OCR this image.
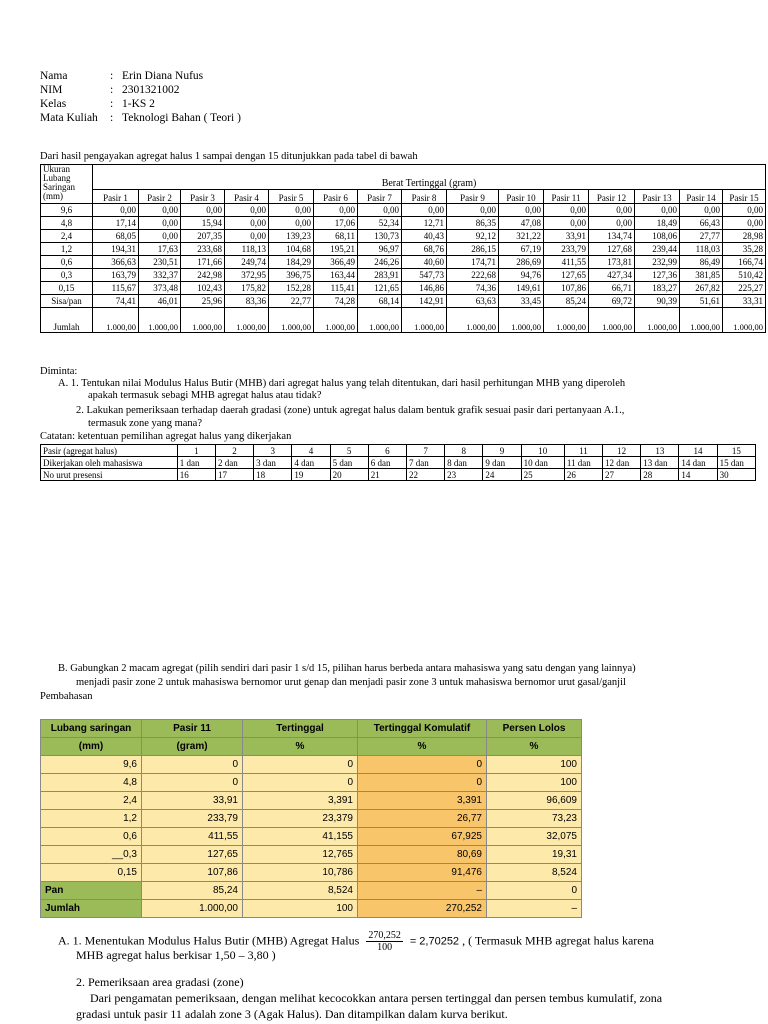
Nama	:	Erin Diana Nufus
NIM	:	2301321002
Kelas	:	1-KS 2
Mata Kuliah	:	Teknologi Bahan ( Teori )
Dari hasil pengayakan agregat halus 1 sampai dengan 15 ditunjukkan pada tabel di bawah
Ukuran Lubang Saringan (mm)	Berat Tertinggal (gram)														
	Pasir 1	Pasir 2	Pasir 3	Pasir 4	Pasir 5	Pasir 6	Pasir 7	Pasir 8	Pasir 9	Pasir 10	Pasir 11	Pasir 12	Pasir 13	Pasir 14	Pasir 15
9,6	0,00	0,00	0,00	0,00	0,00	0,00	0,00	0,00	0,00	0,00	0,00	0,00	0,00	0,00	0,00
4,8	17,14	0,00	15,94	0,00	0,00	17,06	52,34	12,71	86,35	47,08	0,00	0,00	18,49	66,43	0,00
2,4	68,05	0,00	207,35	0,00	139,23	68,11	130,73	40,43	92,12	321,22	33,91	134,74	108,06	27,77	28,98
1,2	194,31	17,63	233,68	118,13	104,68	195,21	96,97	68,76	286,15	67,19	233,79	127,68	239,44	118,03	35,28
0,6	366,63	230,51	171,66	249,74	184,29	366,49	246,26	40,60	174,71	286,69	411,55	173,81	232,99	86,49	166,74
0,3	163,79	332,37	242,98	372,95	396,75	163,44	283,91	547,73	222,68	94,76	127,65	427,34	127,36	381,85	510,42
0,15	115,67	373,48	102,43	175,82	152,28	115,41	121,65	146,86	74,36	149,61	107,86	66,71	183,27	267,82	225,27
Sisa/pan	74,41	46,01	25,96	83,36	22,77	74,28	68,14	142,91	63,63	33,45	85,24	69,72	90,39	51,61	33,31
Jumlah	1.000,00	1.000,00	1.000,00	1.000,00	1.000,00	1.000,00	1.000,00	1.000,00	1.000,00	1.000,00	1.000,00	1.000,00	1.000,00	1.000,00	1.000,00
Diminta:
A. 1. Tentukan nilai Modulus Halus Butir (MHB) dari agregat halus yang telah ditentukan, dari hasil perhitungan MHB yang diperoleh
apakah termasuk sebagi MHB agregat halus atau tidak?
2. Lakukan pemeriksaan terhadap daerah gradasi (zone) untuk agregat halus dalam bentuk grafik sesuai pasir dari pertanyaan A.1.,
termasuk zone yang mana?
Catatan: ketentuan pemilihan agregat halus yang dikerjakan
Pasir (agregat halus)	1	2	3	4	5	6	7	8	9	10	11	12	13	14	15
Dikerjakan oleh mahasiswa	1 dan	2 dan	3 dan	4 dan	5 dan	6 dan	7 dan	8 dan	9 dan	10 dan	11 dan	12 dan	13 dan	14 dan	15 dan
No urut presensi	16	17	18	19	20	21	22	23	24	25	26	27	28	14	30
B. Gabungkan 2 macam agregat (pilih sendiri dari pasir 1 s/d 15, pilihan harus berbeda antara mahasiswa yang satu dengan yang lainnya)
menjadi pasir zone 2 untuk mahasiswa bernomor urut genap dan menjadi pasir zone 3 untuk mahasiswa bernomor urut gasal/ganjil
Pembahasan
Lubang saringan	Pasir 11	Tertinggal	Tertinggal Komulatif	Persen Lolos
(mm)	(gram)	%	%	%
9,6	0	0	0	100
4,8	0	0	0	100
2,4	33,91	3,391	3,391	96,609
1,2	233,79	23,379	26,77	73,23
0,6	411,55	41,155	67,925	32,075
__0,3	127,65	12,765	80,69	19,31
0,15	107,86	10,786	91,476	8,524
Pan	85,24	8,524	–	0
Jumlah	1.000,00	100	270,252	–
A. 1. Menentukan Modulus Halus Butir (MHB) Agregat Halus $\frac{270,252}{100} = 2,70252$ , ( Termasuk MHB agregat halus karena
MHB agregat halus berkisar 1,50 – 3,80 )
2. Pemeriksaan area gradasi (zone)
Dari pengamatan pemeriksaan, dengan melihat kecocokkan antara persen tertinggal dan persen tembus kumulatif, zona
gradasi untuk pasir 11 adalah zone 3 (Agak Halus). Dan ditampilkan dalam kurva berikut.
